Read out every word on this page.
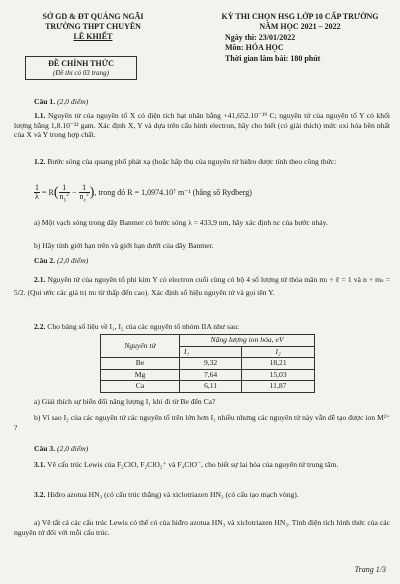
SỞ GD & ĐT QUẢNG NGÃI
TRƯỜNG THPT CHUYÊN
LÊ KHIẾT
KỲ THI CHỌN HSG LỚP 10 CẤP TRƯỜNG
NĂM HỌC 2021 – 2022
Ngày thi: 23/01/2022
Môn: HÓA HỌC
Thời gian làm bài: 180 phút
ĐỀ CHÍNH THỨC
(Đề thi có 03 trang)
Câu 1. (2,0 điểm)
1.1. Nguyên tử của nguyên tố X có điện tích hạt nhân bằng +41,652.10⁻¹⁹ C; nguyên tử của nguyên tố Y có khối lượng bằng 1,8.10⁻²² gam. Xác định X, Y và dựa trên cấu hình electron, hãy cho biết (có giải thích) mức oxi hóa bền nhất của X và Y trong hợp chất.
1.2. Bước sóng của quang phổ phát xạ (hoặc hấp thụ của nguyên tử hiđro được tính theo công thức:
$\frac{1}{\lambda} = R( \frac{1}{n_1^2} - \frac{1}{n_c^2}$ ), trong đó R = 1,0974.10⁷ m⁻¹ (hằng số Rydberg)
a) Một vạch sóng trong dãy Banmer có bước sóng λ = 433,9 nm, hãy xác định nc của bước nhảy.
b) Hãy tính giới hạn trên và giới hạn dưới của dãy Banmer.
Câu 2. (2,0 điểm)
2.1. Nguyên tử của nguyên tố phi kim Y có electron cuối cùng có bộ 4 số lượng tử thỏa mãn mₗ + ℓ = 1 và n + mₛ = 5/2. (Qui ước các giá trị mₗ từ thấp đến cao). Xác định số hiệu nguyên tử và gọi tên Y.
2.2. Cho bảng số liệu về I₁, I₂ của các nguyên tố nhóm IIA như sau:
Nguyên tử	Năng lượng ion hóa, eV	
	I₁	I₂
Be	9,32	18,21
Mg	7,64	15,03
Ca	6,11	11,87
a) Giải thích sự biến đổi năng lượng I₁ khi đi từ Be đến Ca?
b) Vì sao I₂ của các nguyên tử các nguyên tố trên lớn hơn I₁ nhiều nhưng các nguyên tử này vẫn dễ tạo được ion M²⁺ ?
Câu 3. (2,0 điểm)
3.1. Vẽ cấu trúc Lewis của F₂ClO, F₂ClO₂⁺ và F₄ClO⁻, cho biết sự lai hóa của nguyên tử trung tâm.
3.2. Hiđro azotua HN₃ (có cấu trúc thẳng) và xiclotriazen HN₃ (có cấu tạo mạch vòng).
a) Vẽ tất cả các cấu trúc Lewis có thể có của hiđro azotua HN₃ và xiclotriazen HN₃. Tính điện tích hình thức của các nguyên tử đối với mỗi cấu trúc.
Trang 1/3
